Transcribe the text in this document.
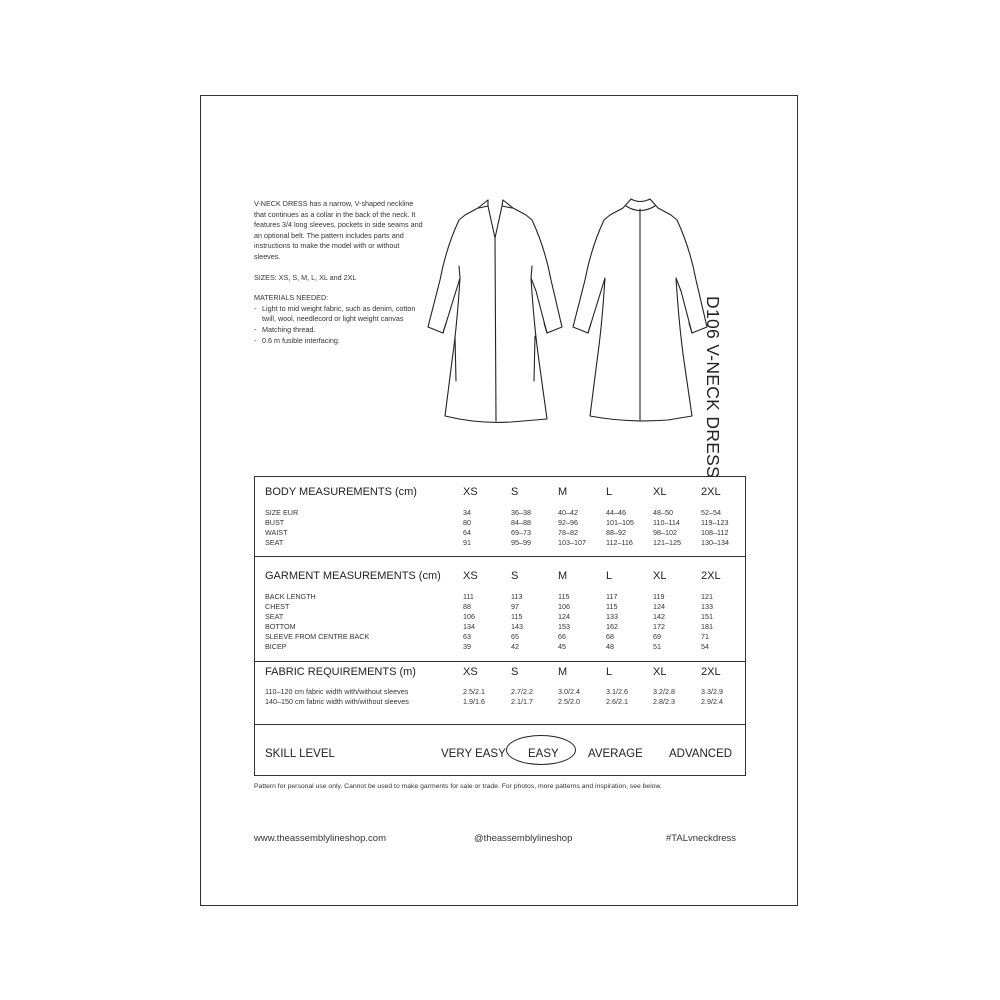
V-NECK DRESS has a narrow, V-shaped neckline that continues as a collar in the back of the neck. It features 3/4 long sleeves, pockets in side seams and an optional belt. The pattern includes parts and instructions to make the model with or without sleeves.

SIZES: XS, S, M, L, XL and 2XL

MATERIALS NEEDED:
- Light to mid weight fabric, such as denim, cotton twill, wool, needlecord or light weight canvas
- Matching thread.
- 0.6 m fusible interfacing.	D106 V-NECK DRESS
BODY MEASUREMENTS (cm)	XS	S	M	L	XL	2XL
SIZE EUR	34	36–38	40–42	44–46	48–50	52–54
BUST	80	84–88	92–96	101–105	110–114	119–123
WAIST	64	69–73	78–82	88–92	98–102	108–112
SEAT	91	95–99	103–107	112–116	121–125	130–134
GARMENT MEASUREMENTS (cm) XS	S	M	L	XL	2XL
BACK LENGTH	111	113	115	117	119	121
CHEST	88	97	106	115	124	133
SEAT	106	115	124	133	142	151
BOTTOM	134	143	153	162	172	181
SLEEVE FROM CENTRE BACK	63	65	66	68	69	71
BICEP	39	42	45	48	51	54
FABRIC REQUIREMENTS (m)	XS	S	M	L	XL	2XL
110–120 cm fabric width with/without sleeves	2.5/2.1	2.7/2.2	3.0/2.4	3.1/2.6	3.2/2.8	3.3/2.9
140–150 cm fabric width with/without sleeves	1.9/1.6	2.1/1.7	2.5/2.0	2.6/2.1	2.8/2.3	2.9/2.4
SKILL LEVEL	VERY EASY EASY	AVERAGE ADVANCED
Pattern for personal use only. Cannot be used to make garments for sale or trade. For photos, more patterns and inspiration, see below.
www.theassemblylineshop.com	@theassemblylineshop	#TALvneckdress
